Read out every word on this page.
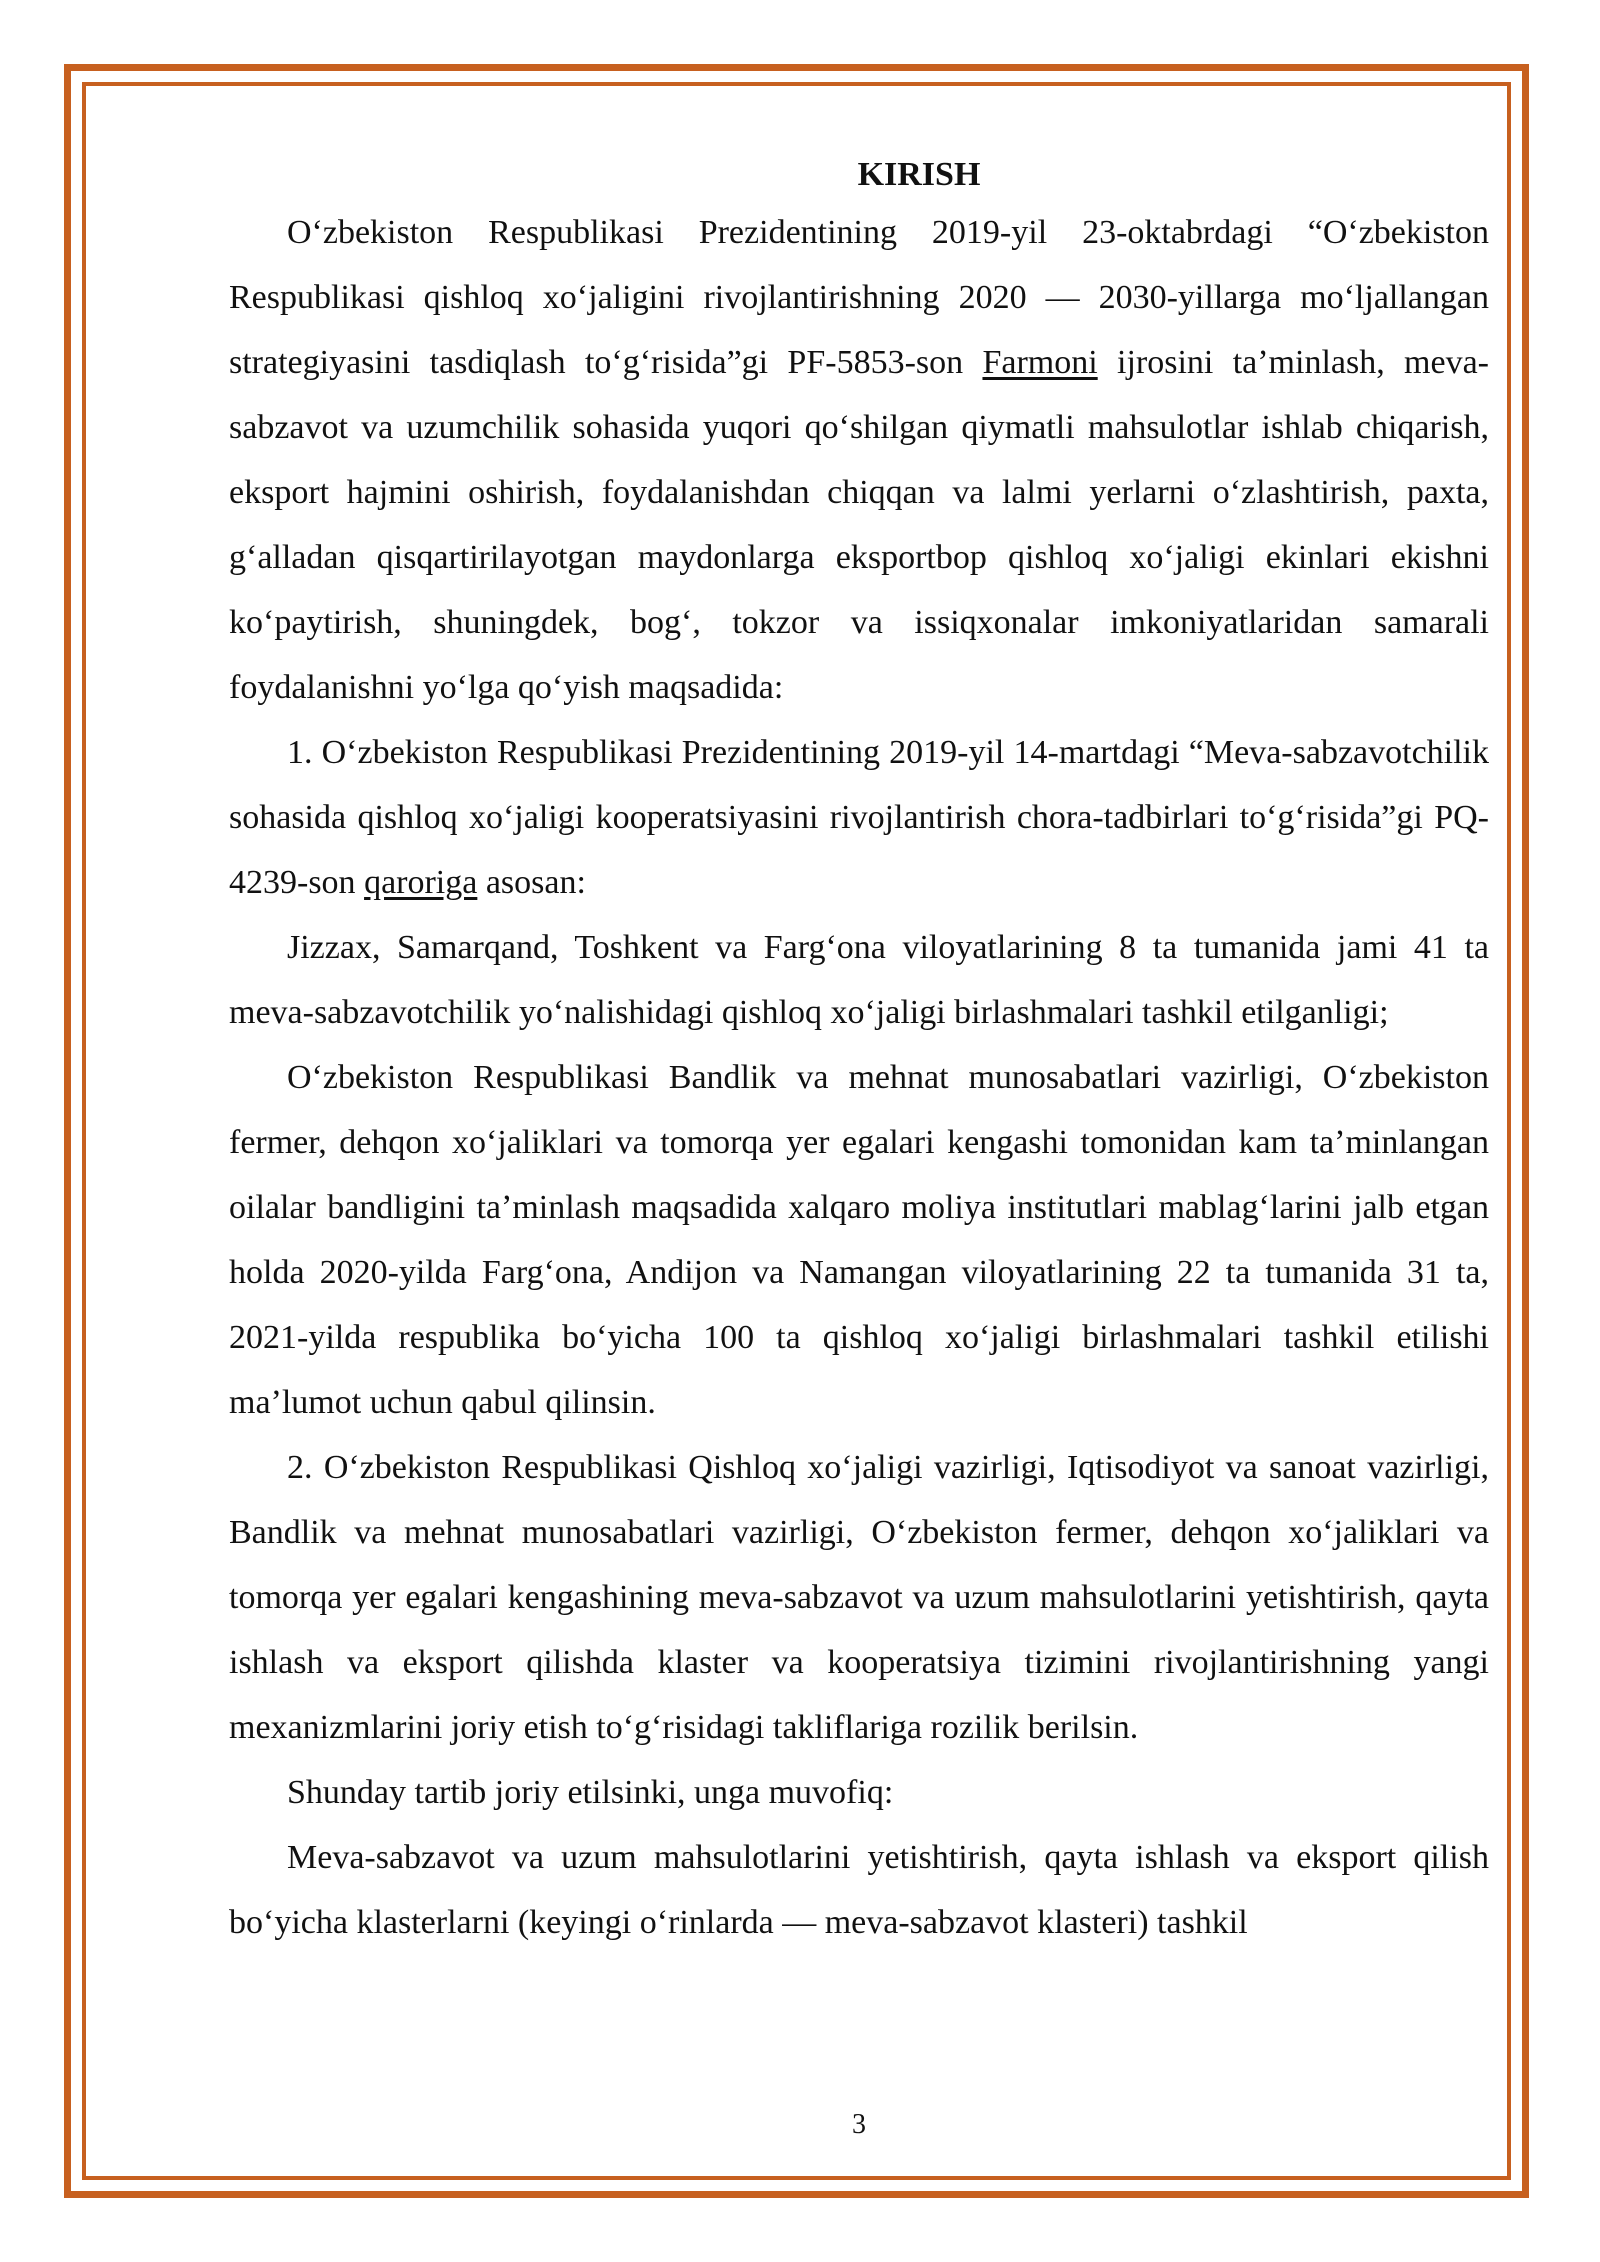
KIRISH

Oʻzbekiston Respublikasi Prezidentining 2019-yil 23-oktabrdagi “Oʻzbekiston Respublikasi qishloq xoʻjaligini rivojlantirishning 2020 — 2030-yillarga moʻljallangan strategiyasini tasdiqlash toʻgʻrisida”gi PF-5853-son Farmoni ijrosini taʼminlash, meva-sabzavot va uzumchilik sohasida yuqori qoʻshilgan qiymatli mahsulotlar ishlab chiqarish, eksport hajmini oshirish, foydalanishdan chiqqan va lalmi yerlarni oʻzlashtirish, paxta, gʻalladan qisqartirilayotgan maydonlarga eksportbop qishloq xoʻjaligi ekinlari ekishni koʻpaytirish, shuningdek, bogʻ, tokzor va issiqxonalar imkoniyatlaridan samarali foydalanishni yoʻlga qoʻyish maqsadida:

1. Oʻzbekiston Respublikasi Prezidentining 2019-yil 14-martdagi “Meva-sabzavotchilik sohasida qishloq xoʻjaligi kooperatsiyasini rivojlantirish chora-tadbirlari toʻgʻrisida”gi PQ-4239-son qaroriga asosan:

Jizzax, Samarqand, Toshkent va Fargʻona viloyatlarining 8 ta tumanida jami 41 ta meva-sabzavotchilik yoʻnalishidagi qishloq xoʻjaligi birlashmalari tashkil etilganligi;

Oʻzbekiston Respublikasi Bandlik va mehnat munosabatlari vazirligi, Oʻzbekiston fermer, dehqon xoʻjaliklari va tomorqa yer egalari kengashi tomonidan kam taʼminlangan oilalar bandligini taʼminlash maqsadida xalqaro moliya institutlari mablagʻlarini jalb etgan holda 2020-yilda Fargʻona, Andijon va Namangan viloyatlarining 22 ta tumanida 31 ta, 2021-yilda respublika boʻyicha 100 ta qishloq xoʻjaligi birlashmalari tashkil etilishi maʼlumot uchun qabul qilinsin.

2. Oʻzbekiston Respublikasi Qishloq xoʻjaligi vazirligi, Iqtisodiyot va sanoat vazirligi, Bandlik va mehnat munosabatlari vazirligi, Oʻzbekiston fermer, dehqon xoʻjaliklari va tomorqa yer egalari kengashining meva-sabzavot va uzum mahsulotlarini yetishtirish, qayta ishlash va eksport qilishda klaster va kooperatsiya tizimini rivojlantirishning yangi mexanizmlarini joriy etish toʻgʻrisidagi takliflariga rozilik berilsin.

Shunday tartib joriy etilsinki, unga muvofiq:

Meva-sabzavot va uzum mahsulotlarini yetishtirish, qayta ishlash va eksport qilish boʻyicha klasterlarni (keyingi oʻrinlarda — meva-sabzavot klasteri) tashkil

3
